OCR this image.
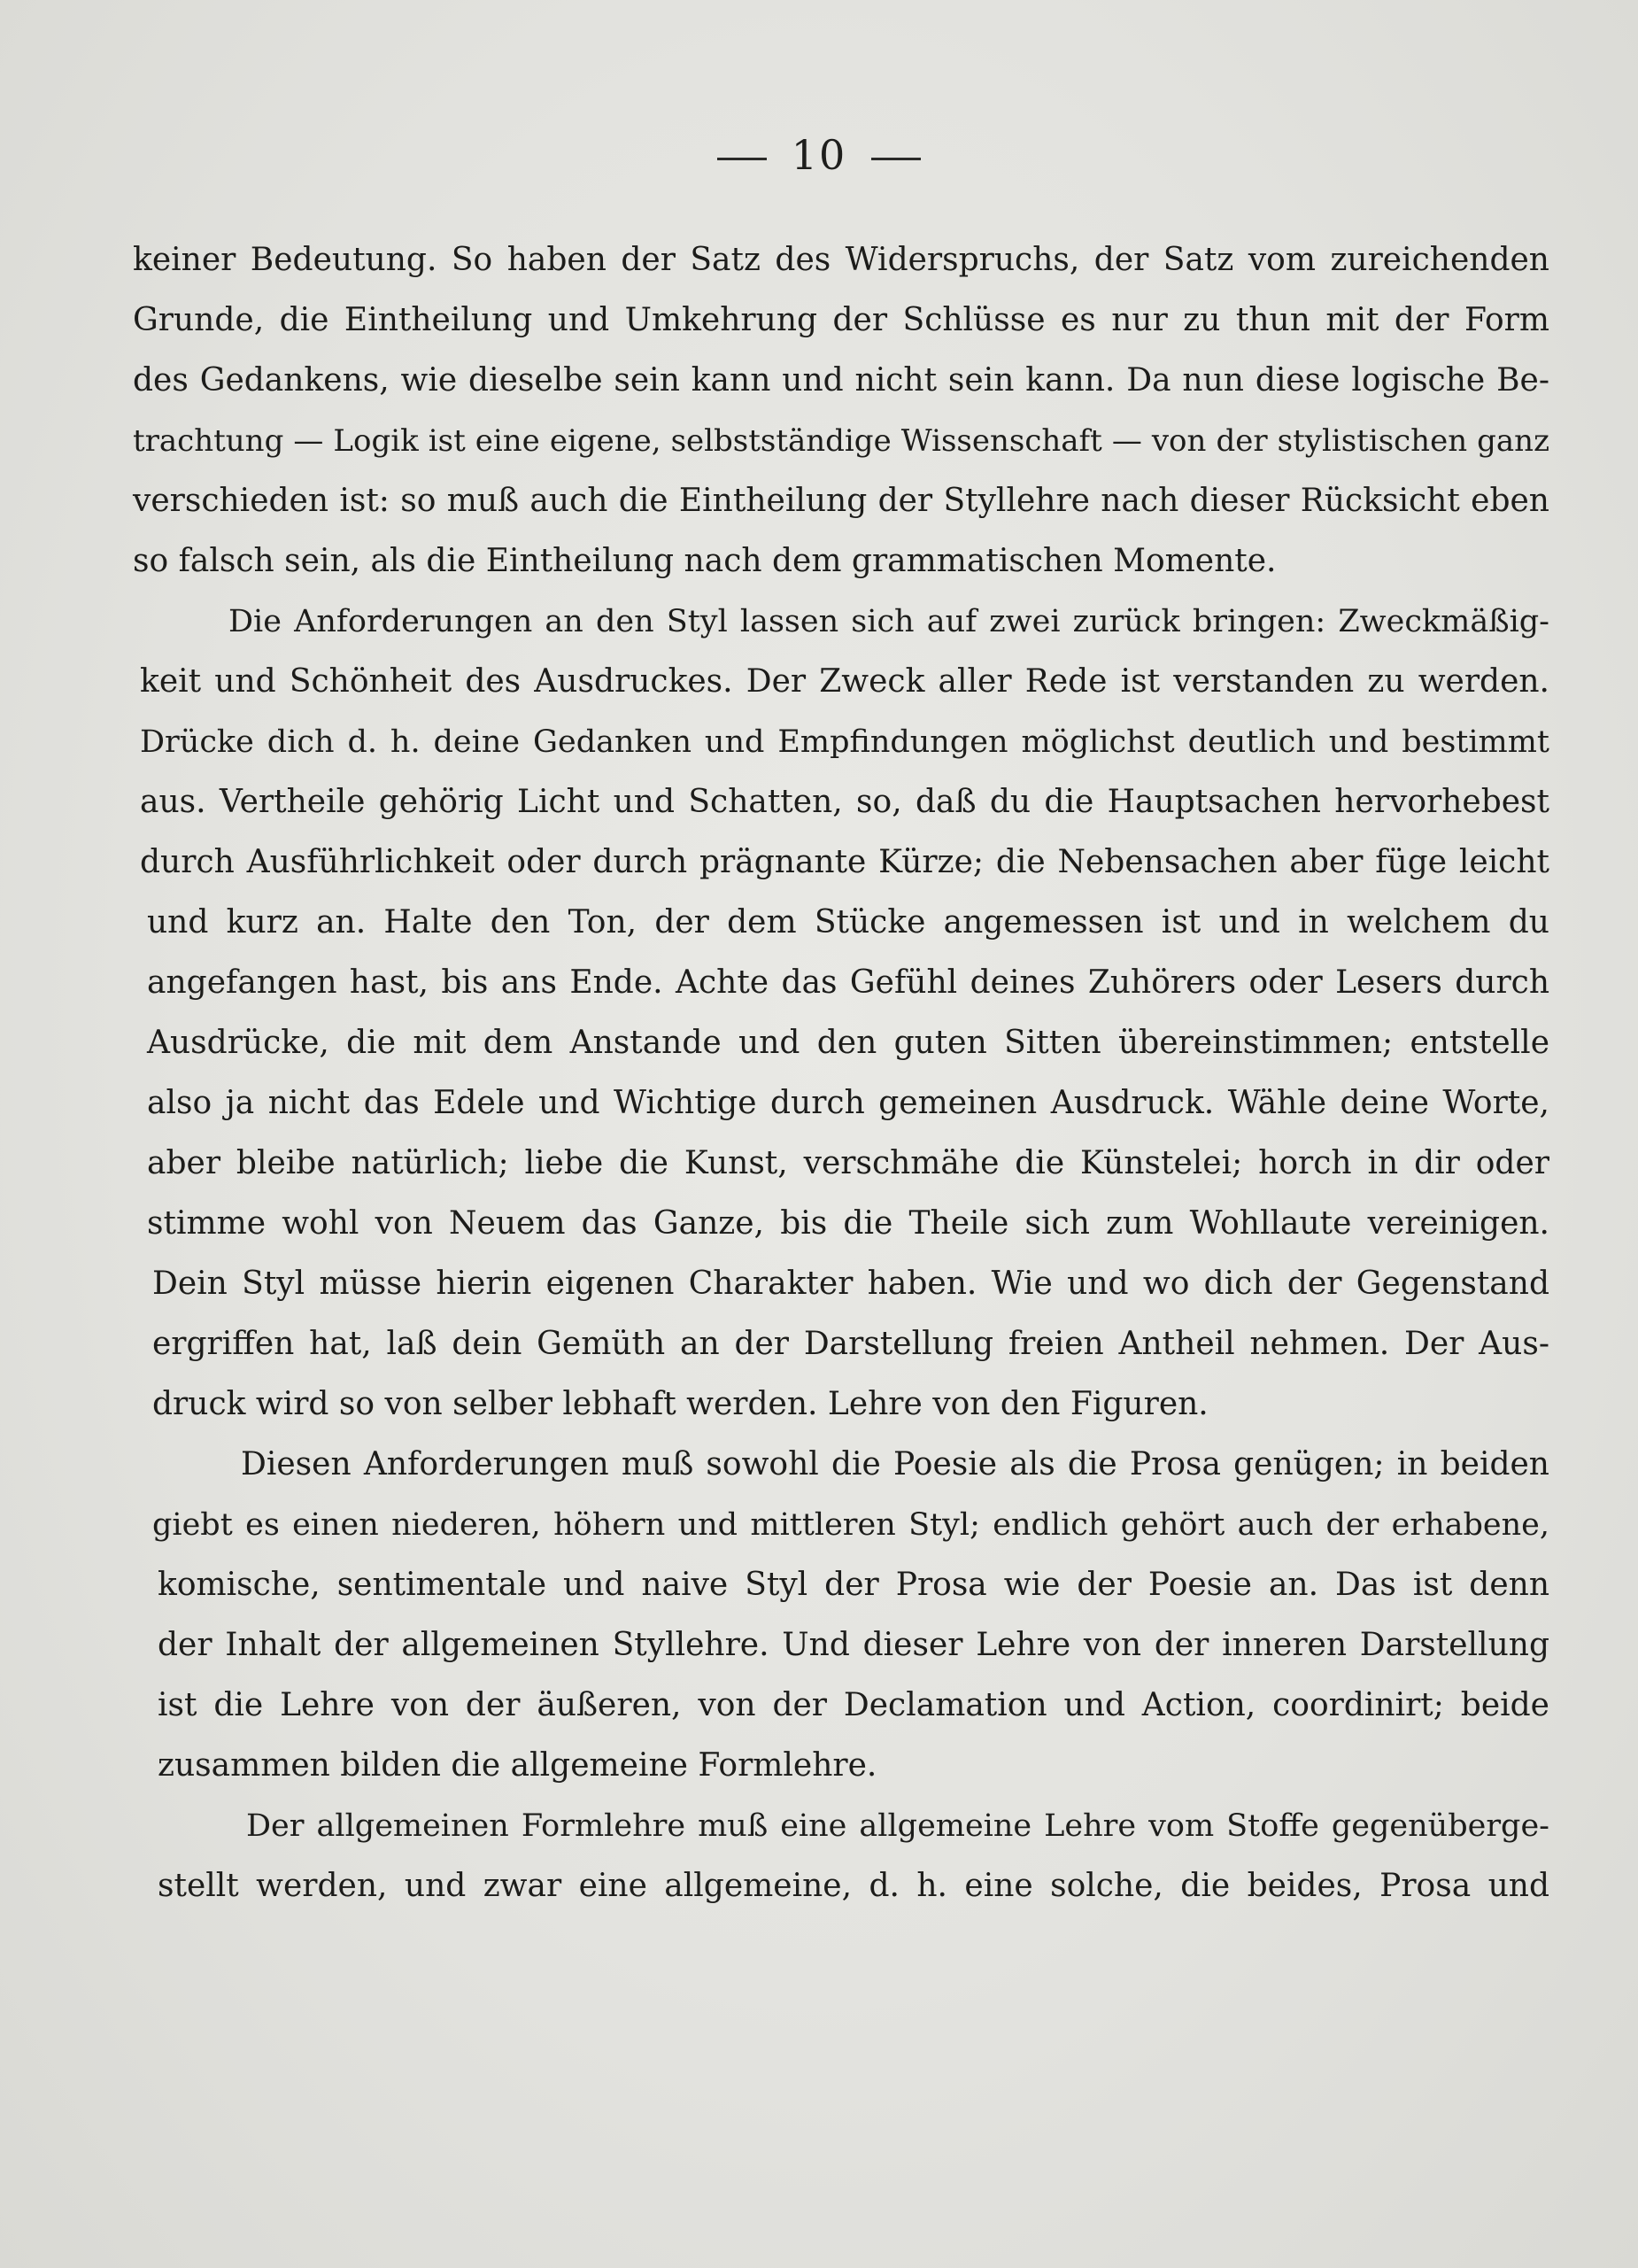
10
keiner Bedeutung. So haben der Satz des Widerspruchs, der Satz vom zureichenden
Grunde, die Eintheilung und Umkehrung der Schlüsse es nur zu thun mit der Form
des Gedankens, wie dieselbe sein kann und nicht sein kann. Da nun diese logische Be-
trachtung — Logik ist eine eigene, selbstständige Wissenschaft — von der stylistischen ganz
verschieden ist: so muß auch die Eintheilung der Styllehre nach dieser Rücksicht eben
so falsch sein, als die Eintheilung nach dem grammatischen Momente.
Die Anforderungen an den Styl lassen sich auf zwei zurück bringen: Zweckmäßig-
keit und Schönheit des Ausdruckes. Der Zweck aller Rede ist verstanden zu werden.
Drücke dich d. h. deine Gedanken und Empfindungen möglichst deutlich und bestimmt
aus. Vertheile gehörig Licht und Schatten, so, daß du die Hauptsachen hervorhebest
durch Ausführlichkeit oder durch prägnante Kürze; die Nebensachen aber füge leicht
und kurz an. Halte den Ton, der dem Stücke angemessen ist und in welchem du
angefangen hast, bis ans Ende. Achte das Gefühl deines Zuhörers oder Lesers durch
Ausdrücke, die mit dem Anstande und den guten Sitten übereinstimmen; entstelle
also ja nicht das Edele und Wichtige durch gemeinen Ausdruck. Wähle deine Worte,
aber bleibe natürlich; liebe die Kunst, verschmähe die Künstelei; horch in dir oder
stimme wohl von Neuem das Ganze, bis die Theile sich zum Wohllaute vereinigen.
Dein Styl müsse hierin eigenen Charakter haben. Wie und wo dich der Gegenstand
ergriffen hat, laß dein Gemüth an der Darstellung freien Antheil nehmen. Der Aus-
druck wird so von selber lebhaft werden. Lehre von den Figuren.
Diesen Anforderungen muß sowohl die Poesie als die Prosa genügen; in beiden
giebt es einen niederen, höhern und mittleren Styl; endlich gehört auch der erhabene,
komische, sentimentale und naive Styl der Prosa wie der Poesie an. Das ist denn
der Inhalt der allgemeinen Styllehre. Und dieser Lehre von der inneren Darstellung
ist die Lehre von der äußeren, von der Declamation und Action, coordinirt; beide
zusammen bilden die allgemeine Formlehre.
Der allgemeinen Formlehre muß eine allgemeine Lehre vom Stoffe gegenüberge-
stellt werden, und zwar eine allgemeine, d. h. eine solche, die beides, Prosa und
